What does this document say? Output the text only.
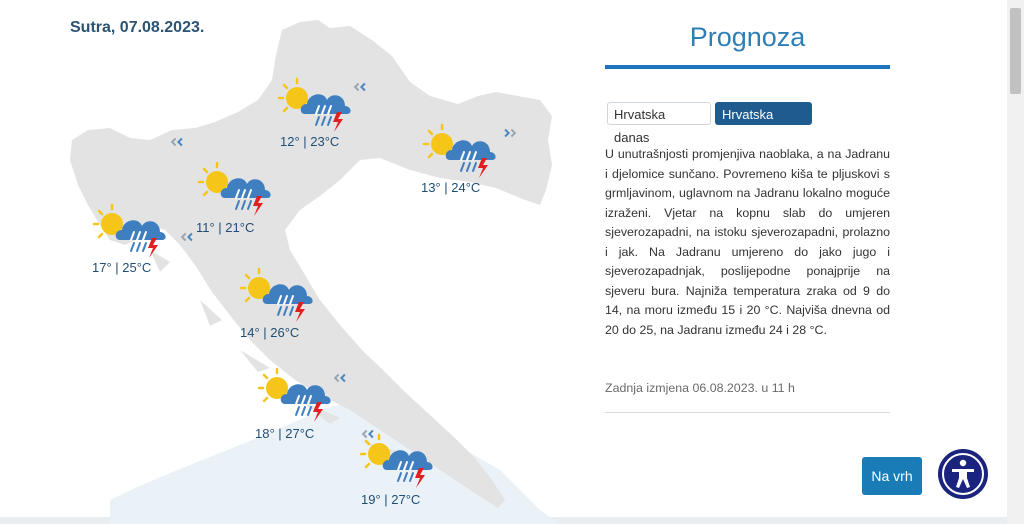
Sutra, 07.08.2023.
12° | 23°C
13° | 24°C
11° | 21°C
17° | 25°C
14° | 26°C
18° | 27°C
19° | 27°C
Prognoza
Hrvatska danas
Hrvatska sutra
U unutrašnjosti promjenjiva naoblaka, a na Jadranu i djelomice sunčano. Povremeno kiša te pljuskovi s grmljavinom, uglavnom na Jadranu lokalno moguće izraženi. Vjetar na kopnu slab do umjeren sjeverozapadni, na istoku sjeverozapadni, prolazno i jak. Na Jadranu umjereno do jako jugo i sjeverozapadnjak, poslijepodne ponajprije na sjeveru bura. Najniža temperatura zraka od 9 do 14, na moru između 15 i 20 °C. Najviša dnevna od 20 do 25, na Jadranu između 24 i 28 °C.
Zadnja izmjena 06.08.2023. u 11 h
Na vrh
